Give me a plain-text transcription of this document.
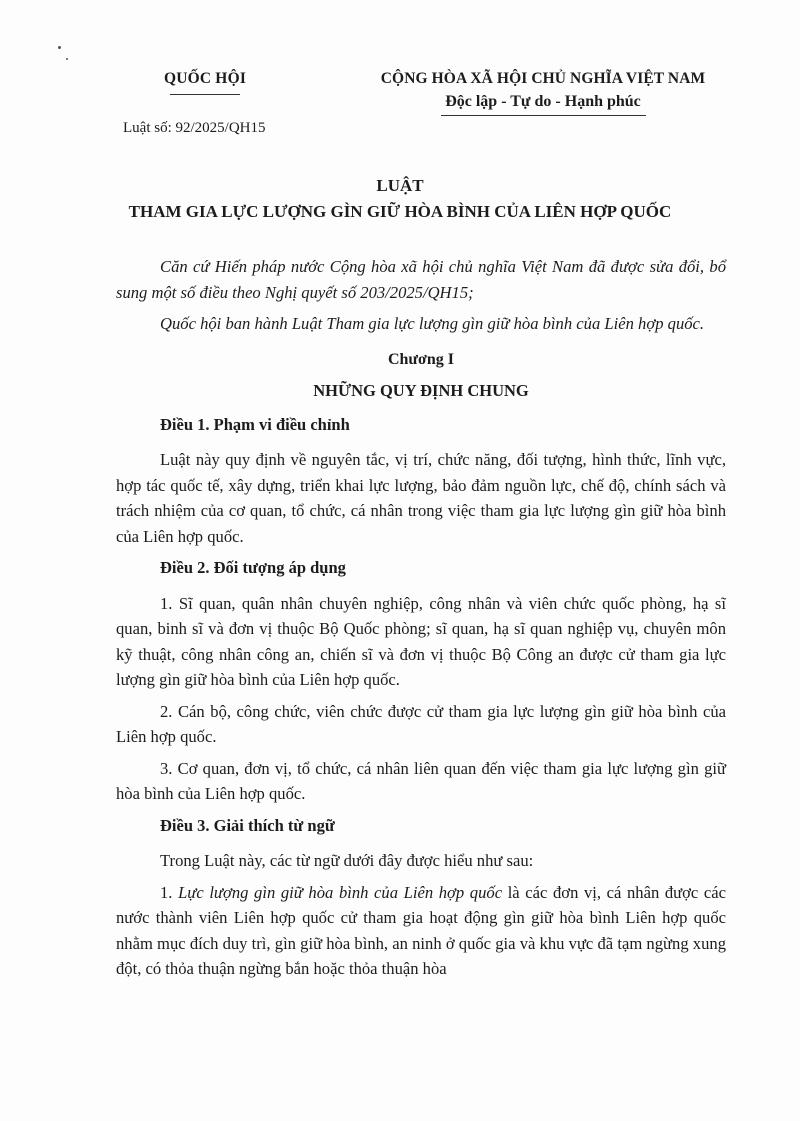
QUỐC HỘI	CỘNG HÒA XÃ HỘI CHỦ NGHĨA VIỆT NAM
Độc lập - Tự do - Hạnh phúc
Luật số: 92/2025/QH15
LUẬT
THAM GIA LỰC LƯỢNG GÌN GIỮ HÒA BÌNH CỦA LIÊN HỢP QUỐC

Căn cứ Hiến pháp nước Cộng hòa xã hội chủ nghĩa Việt Nam đã được sửa đổi, bổ sung một số điều theo Nghị quyết số 203/2025/QH15;

Quốc hội ban hành Luật Tham gia lực lượng gìn giữ hòa bình của Liên hợp quốc.

Chương I
NHỮNG QUY ĐỊNH CHUNG
Điều 1. Phạm vi điều chỉnh

Luật này quy định về nguyên tắc, vị trí, chức năng, đối tượng, hình thức, lĩnh vực, hợp tác quốc tế, xây dựng, triển khai lực lượng, bảo đảm nguồn lực, chế độ, chính sách và trách nhiệm của cơ quan, tổ chức, cá nhân trong việc tham gia lực lượng gìn giữ hòa bình của Liên hợp quốc.

Điều 2. Đối tượng áp dụng

1. Sĩ quan, quân nhân chuyên nghiệp, công nhân và viên chức quốc phòng, hạ sĩ quan, binh sĩ và đơn vị thuộc Bộ Quốc phòng; sĩ quan, hạ sĩ quan nghiệp vụ, chuyên môn kỹ thuật, công nhân công an, chiến sĩ và đơn vị thuộc Bộ Công an được cử tham gia lực lượng gìn giữ hòa bình của Liên hợp quốc.

2. Cán bộ, công chức, viên chức được cử tham gia lực lượng gìn giữ hòa bình của Liên hợp quốc.

3. Cơ quan, đơn vị, tổ chức, cá nhân liên quan đến việc tham gia lực lượng gìn giữ hòa bình của Liên hợp quốc.

Điều 3. Giải thích từ ngữ

Trong Luật này, các từ ngữ dưới đây được hiểu như sau:

1. Lực lượng gìn giữ hòa bình của Liên hợp quốc là các đơn vị, cá nhân được các nước thành viên Liên hợp quốc cử tham gia hoạt động gìn giữ hòa bình Liên hợp quốc nhằm mục đích duy trì, gìn giữ hòa bình, an ninh ở quốc gia và khu vực đã tạm ngừng xung đột, có thỏa thuận ngừng bắn hoặc thỏa thuận hòa
